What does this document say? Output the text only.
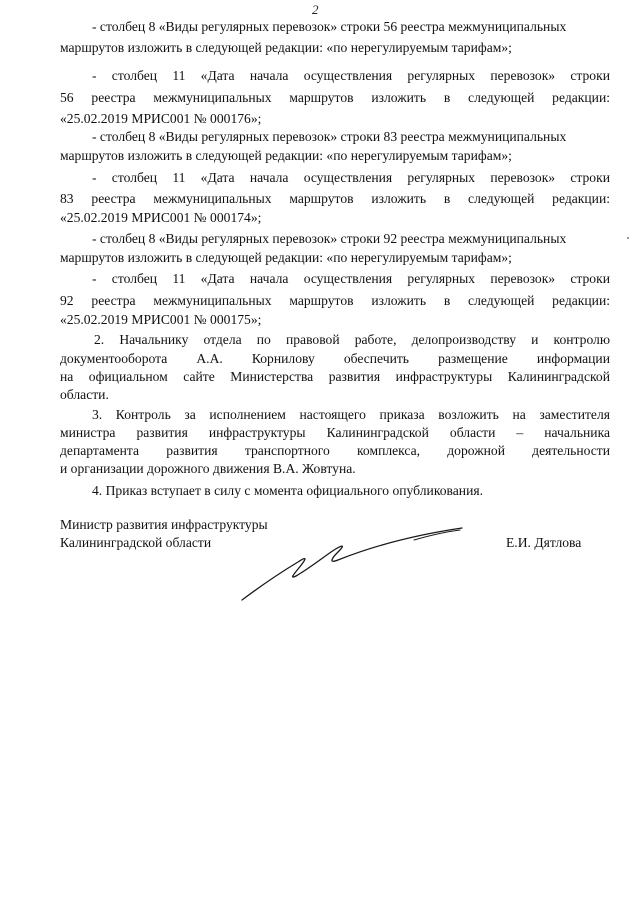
2
- столбец 8 «Виды регулярных перевозок» строки 56 реестра межмуниципальных
маршрутов изложить в следующей редакции: «по нерегулируемым тарифам»;
- столбец 11 «Дата начала осуществления регулярных перевозок» строки
56 реестра межмуниципальных маршрутов изложить в следующей редакции:
«25.02.2019 МРИС001 № 000176»;
- столбец 8 «Виды регулярных перевозок» строки 83 реестра межмуниципальных
маршрутов изложить в следующей редакции: «по нерегулируемым тарифам»;
- столбец 11 «Дата начала осуществления регулярных перевозок» строки
83 реестра межмуниципальных маршрутов изложить в следующей редакции:
«25.02.2019 МРИС001 № 000174»;
- столбец 8 «Виды регулярных перевозок» строки 92 реестра межмуниципальных
маршрутов изложить в следующей редакции: «по нерегулируемым тарифам»;
- столбец 11 «Дата начала осуществления регулярных перевозок» строки
92 реестра межмуниципальных маршрутов изложить в следующей редакции:
«25.02.2019 МРИС001 № 000175»;
2. Начальнику отдела по правовой работе, делопроизводству и контролю
документооборота А.А. Корнилову обеспечить размещение информации
на официальном сайте Министерства развития инфраструктуры Калининградской
области.
3. Контроль за исполнением настоящего приказа возложить на заместителя
министра развития инфраструктуры Калининградской области – начальника
департамента развития транспортного комплекса, дорожной деятельности
и организации дорожного движения В.А. Жовтуна.
4. Приказ вступает в силу с момента официального опубликования.
Министр развития инфраструктуры
Калининградской области	Е.И. Дятлова
